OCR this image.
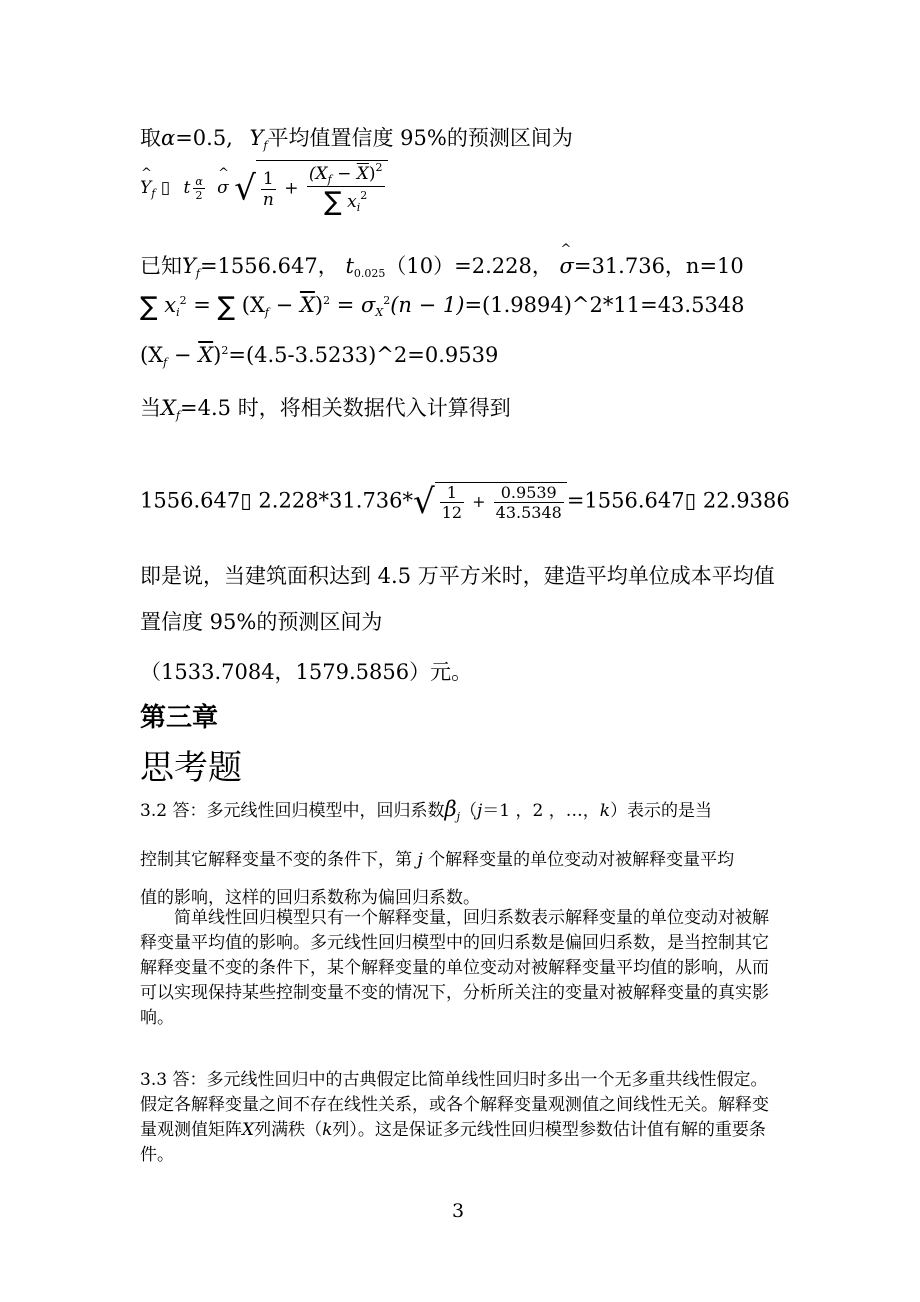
取α=0.5, $Y_f$平均值置信度 95%的预测区间为
^ $Y_f$ ▯ t $\frac{\alpha}{2}$ ^ σ √ $\frac{1}{n} + \frac{(X_f - \overline{X})^2}{\sum x_i^2}$
已知$Y_f=1556.647$， $t_{0.025}(10)=2.228$， ^ σ=31.736，n=10
∑ $x_i^2$ = ∑ $(X_f - \overline{X})^2 = \sigma_X^2(n$ − 1)=(1.9894)^2*11=43.5348
($X_f$ − $\overline{X})^2=(4.5-3.5233)\^{}2=0.9539$
当$X_f=4.5$ 时，将相关数据代入计算得到
1556.647▯ $2.228*31.736*√ \frac{1}{12} + \frac{0.9539}{43.5348}$ =1556.647▯ 22.9386
即是说，当建筑面积达到 4.5 万平方米时，建造平均单位成本平均值
置信度 95%的预测区间为
（1533.7084，1579.5856）元。
第三章
思考题
3.2 答：多元线性回归模型中，回归系数$\beta_j(j=1$ ，2 ，…，k）表示的是当
控制其它解释变量不变的条件下，第 j 个解释变量的单位变动对被解释变量平均
值的影响，这样的回归系数称为偏回归系数。
简单线性回归模型只有一个解释变量，回归系数表示解释变量的单位变动对被解释变量平均值的影响。多元线性回归模型中的回归系数是偏回归系数，是当控制其它解释变量不变的条件下，某个解释变量的单位变动对被解释变量平均值的影响，从而可以实现保持某些控制变量不变的情况下，分析所关注的变量对被解释变量的真实影响。
3.3 答：多元线性回归中的古典假定比简单线性回归时多出一个无多重共线性假定。假定各解释变量之间不存在线性关系，或各个解释变量观测值之间线性无关。解释变量观测值矩阵X列满秩（k列）。这是保证多元线性回归模型参数估计值有解的重要条件。
3
